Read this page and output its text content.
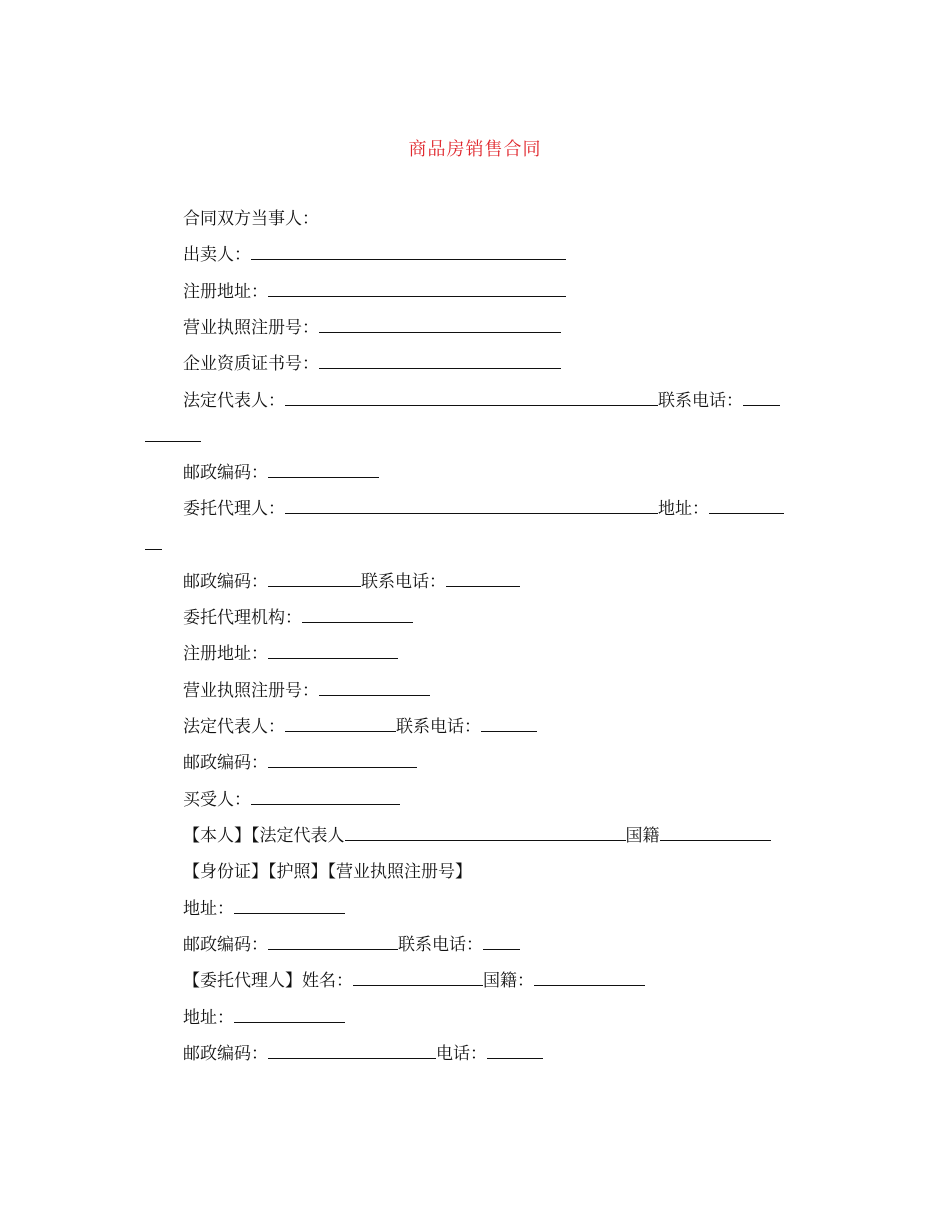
商品房销售合同
合同双方当事人：
出卖人：
注册地址：
营业执照注册号：
企业资质证书号：
法定代表人：	联系电话：
邮政编码：
委托代理人：	地址：
邮政编码：	联系电话：
委托代理机构：
注册地址：
营业执照注册号：
法定代表人：	联系电话：
邮政编码：
买受人：
【本人】【法定代表人	国籍
【身份证】【护照】【营业执照注册号】
地址：
邮政编码：	联系电话：
【委托代理人】姓名：	国籍：
地址：
邮政编码：	电话：
